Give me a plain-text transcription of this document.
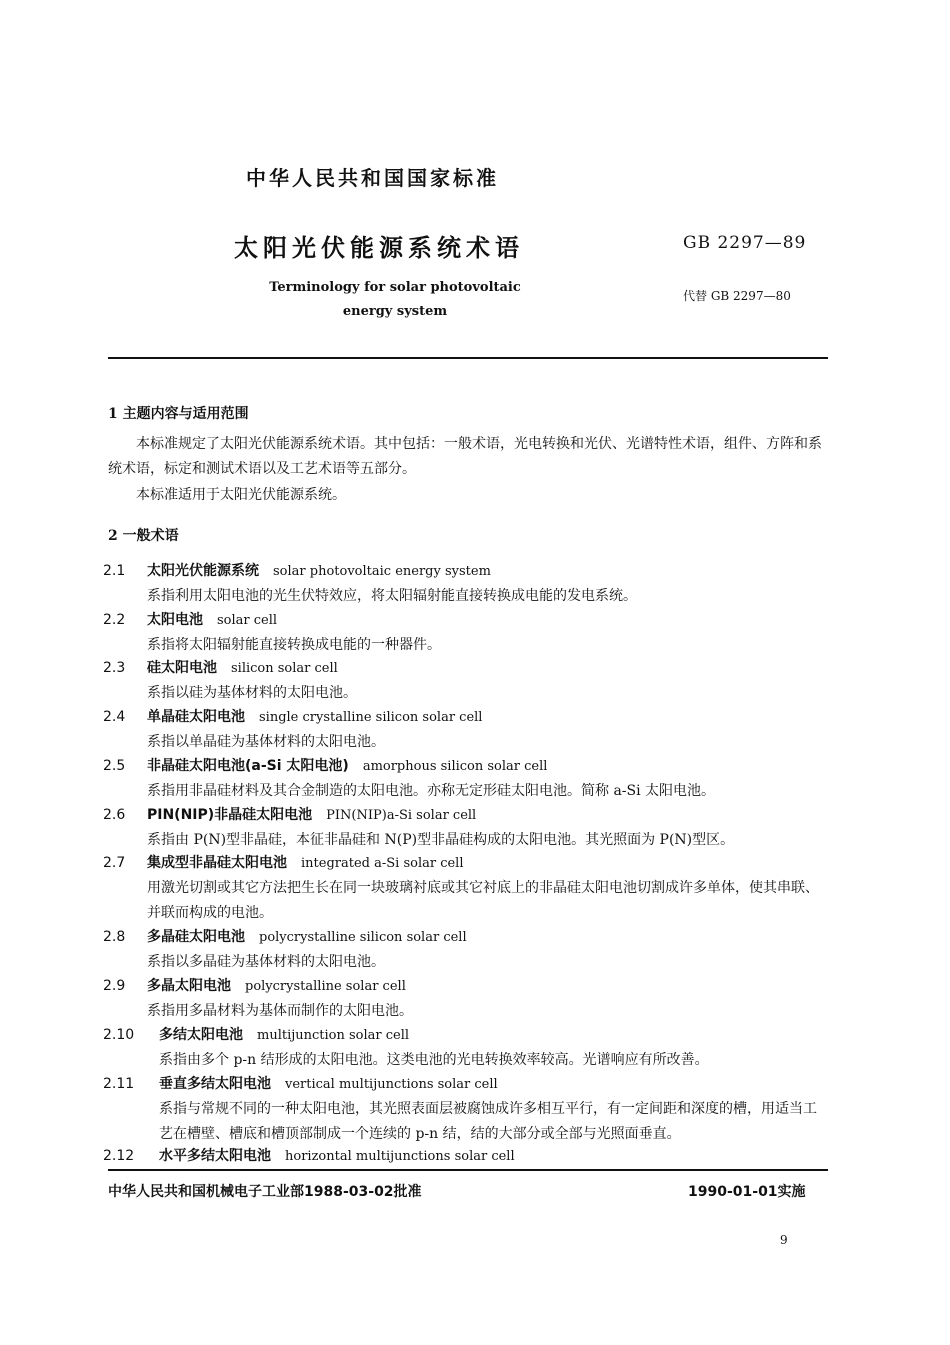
中华人民共和国国家标准
太阳光伏能源系统术语	GB 2297—89
Terminology for solar photovoltaic
energy system
代替 GB 2297—80
1 主题内容与适用范围
本标准规定了太阳光伏能源系统术语。其中包括：一般术语，光电转换和光伏、光谱特性术语，组件、方阵和系统术语，标定和测试术语以及工艺术语等五部分。
本标准适用于太阳光伏能源系统。
2 一般术语
2.1 太阳光伏能源系统 solar photovoltaic energy system
系指利用太阳电池的光生伏特效应，将太阳辐射能直接转换成电能的发电系统。
2.2 太阳电池 solar cell
系指将太阳辐射能直接转换成电能的一种器件。
2.3 硅太阳电池 silicon solar cell
系指以硅为基体材料的太阳电池。
2.4 单晶硅太阳电池 single crystalline silicon solar cell
系指以单晶硅为基体材料的太阳电池。
2.5 非晶硅太阳电池(a-Si 太阳电池) amorphous silicon solar cell
系指用非晶硅材料及其合金制造的太阳电池。亦称无定形硅太阳电池。简称 a-Si 太阳电池。
2.6 PIN(NIP)非晶硅太阳电池 PIN(NIP)a-Si solar cell
系指由 P(N)型非晶硅，本征非晶硅和 N(P)型非晶硅构成的太阳电池。其光照面为 P(N)型区。
2.7 集成型非晶硅太阳电池 integrated a-Si solar cell
用激光切割或其它方法把生长在同一块玻璃衬底或其它衬底上的非晶硅太阳电池切割成许多单体，使其串联、并联而构成的电池。
2.8 多晶硅太阳电池 polycrystalline silicon solar cell
系指以多晶硅为基体材料的太阳电池。
2.9 多晶太阳电池 polycrystalline solar cell
系指用多晶材料为基体而制作的太阳电池。
2.10 多结太阳电池 multijunction solar cell
系指由多个 p-n 结形成的太阳电池。这类电池的光电转换效率较高。光谱响应有所改善。
2.11 垂直多结太阳电池 vertical multijunctions solar cell
系指与常规不同的一种太阳电池，其光照表面层被腐蚀成许多相互平行，有一定间距和深度的槽，用适当工艺在槽壁、槽底和槽顶部制成一个连续的 p-n 结，结的大部分或全部与光照面垂直。
2.12 水平多结太阳电池 horizontal multijunctions solar cell
中华人民共和国机械电子工业部1988-03-02批准	1990-01-01实施
9
